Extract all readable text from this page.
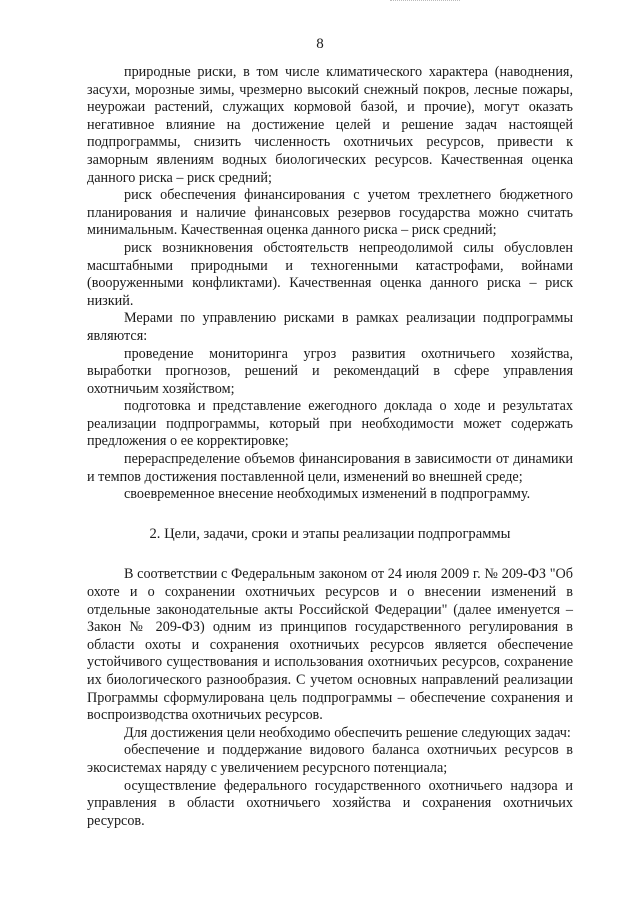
8

природные риски, в том числе климатического характера (наводнения, засухи, морозные зимы, чрезмерно высокий снежный покров, лесные пожары, неурожаи растений, служащих кормовой базой, и прочие), могут оказать негативное влияние на достижение целей и решение задач настоящей подпрограммы, снизить численность охотничьих ресурсов, привести к заморным явлениям водных биологических ресурсов. Качественная оценка данного риска – риск средний;

риск обеспечения финансирования с учетом трехлетнего бюджетного планирования и наличие финансовых резервов государства можно считать минимальным. Качественная оценка данного риска – риск средний;

риск возникновения обстоятельств непреодолимой силы обусловлен масштабными природными и техногенными катастрофами, войнами (вооруженными конфликтами). Качественная оценка данного риска – риск низкий.

Мерами по управлению рисками в рамках реализации подпрограммы являются:

проведение мониторинга угроз развития охотничьего хозяйства, выработки прогнозов, решений и рекомендаций в сфере управления охотничьим хозяйством;

подготовка и представление ежегодного доклада о ходе и результатах реализации подпрограммы, который при необходимости может содержать предложения о ее корректировке;

перераспределение объемов финансирования в зависимости от динамики и темпов достижения поставленной цели, изменений во внешней среде;

своевременное внесение необходимых изменений в подпрограмму.

2. Цели, задачи, сроки и этапы реализации подпрограммы

В соответствии с Федеральным законом от 24 июля 2009 г. № 209-ФЗ "Об охоте и о сохранении охотничьих ресурсов и о внесении изменений в отдельные законодательные акты Российской Федерации" (далее именуется – Закон № 209-ФЗ) одним из принципов государственного регулирования в области охоты и сохранения охотничьих ресурсов является обеспечение устойчивого существования и использования охотничьих ресурсов, сохранение их биологического разнообразия. С учетом основных направлений реализации Программы сформулирована цель подпрограммы – обеспечение сохранения и воспроизводства охотничьих ресурсов.

Для достижения цели необходимо обеспечить решение следующих задач:

обеспечение и поддержание видового баланса охотничьих ресурсов в экосистемах наряду с увеличением ресурсного потенциала;

осуществление федерального государственного охотничьего надзора и управления в области охотничьего хозяйства и сохранения охотничьих ресурсов.
